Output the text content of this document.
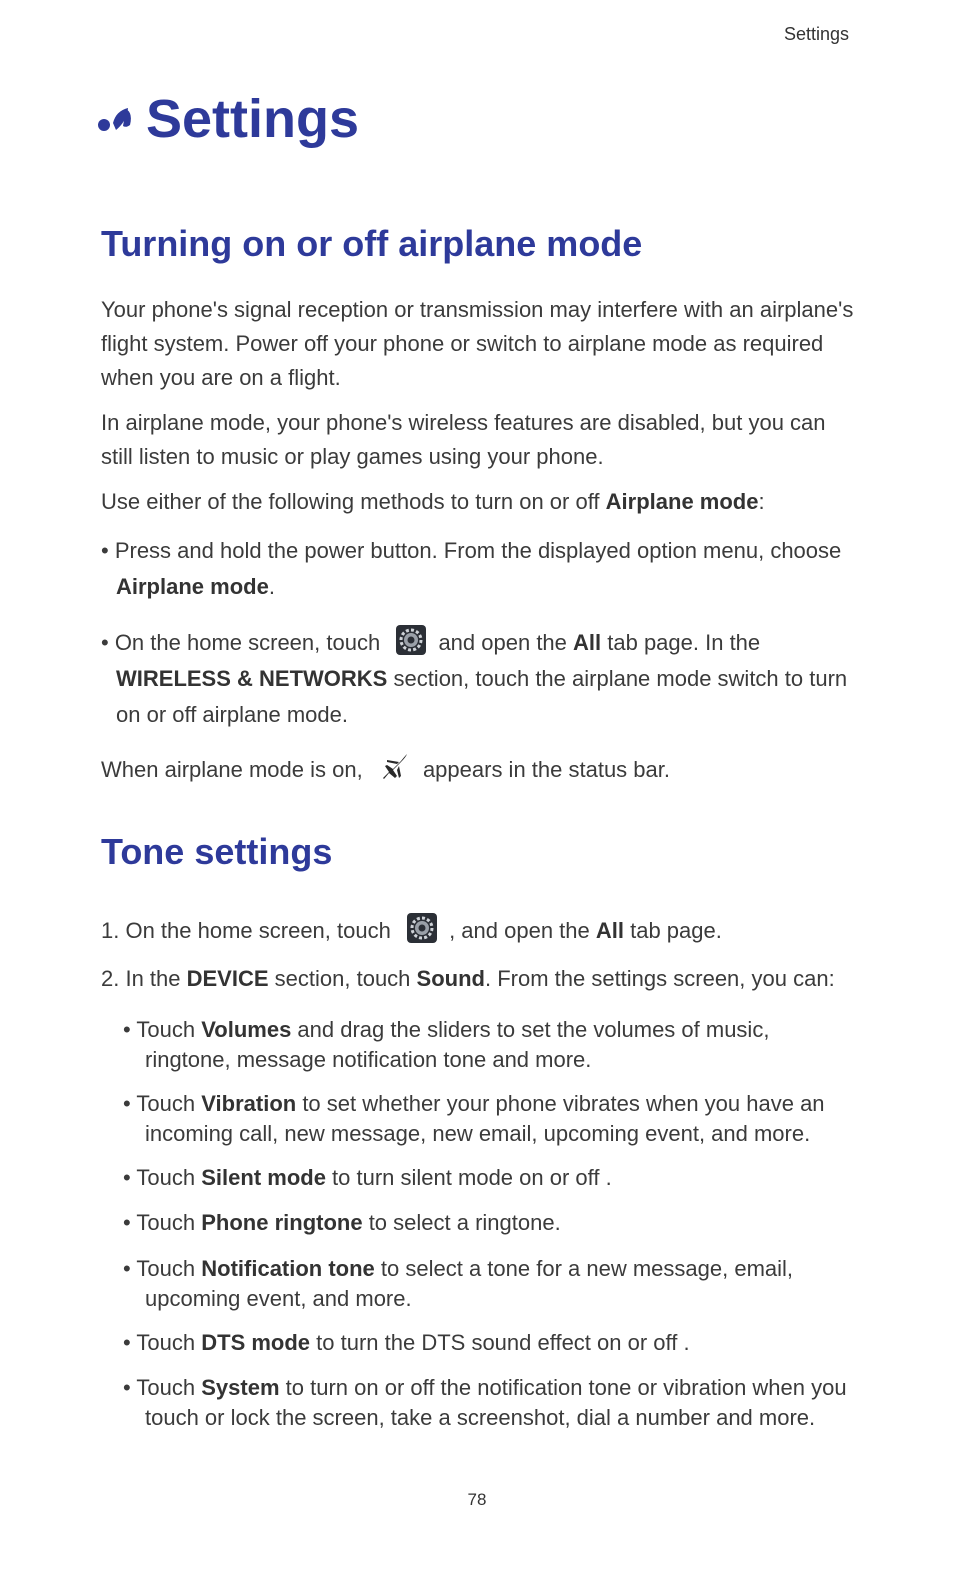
Settings
Settings
Turning on or off airplane mode

Your phone's signal reception or transmission may interfere with an airplane's flight system. Power off your phone or switch to airplane mode as required when you are on a flight.

In airplane mode, your phone's wireless features are disabled, but you can still listen to music or play games using your phone.

Use either of the following methods to turn on or off Airplane mode:

• Press and hold the power button. From the displayed option menu, choose
Airplane mode.
• On the home screen, touch  and open the All tab page. In the
WIRELESS & NETWORKS section, touch the airplane mode switch to turn on or off airplane mode.

When airplane mode is on,  appears in the status bar.

Tone settings

1. On the home screen, touch  , and open the All tab page.

2. In the DEVICE section, touch Sound. From the settings screen, you can:

• Touch Volumes and drag the sliders to set the volumes of music,
ringtone, message notification tone and more.
• Touch Vibration to set whether your phone vibrates when you have an
incoming call, new message, new email, upcoming event, and more.
• Touch Silent mode to turn silent mode on or off .
• Touch Phone ringtone to select a ringtone.
• Touch Notification tone to select a tone for a new message, email,
upcoming event, and more.
• Touch DTS mode to turn the DTS sound effect on or off .
• Touch System to turn on or off the notification tone or vibration when you
touch or lock the screen, take a screenshot, dial a number and more.
78
